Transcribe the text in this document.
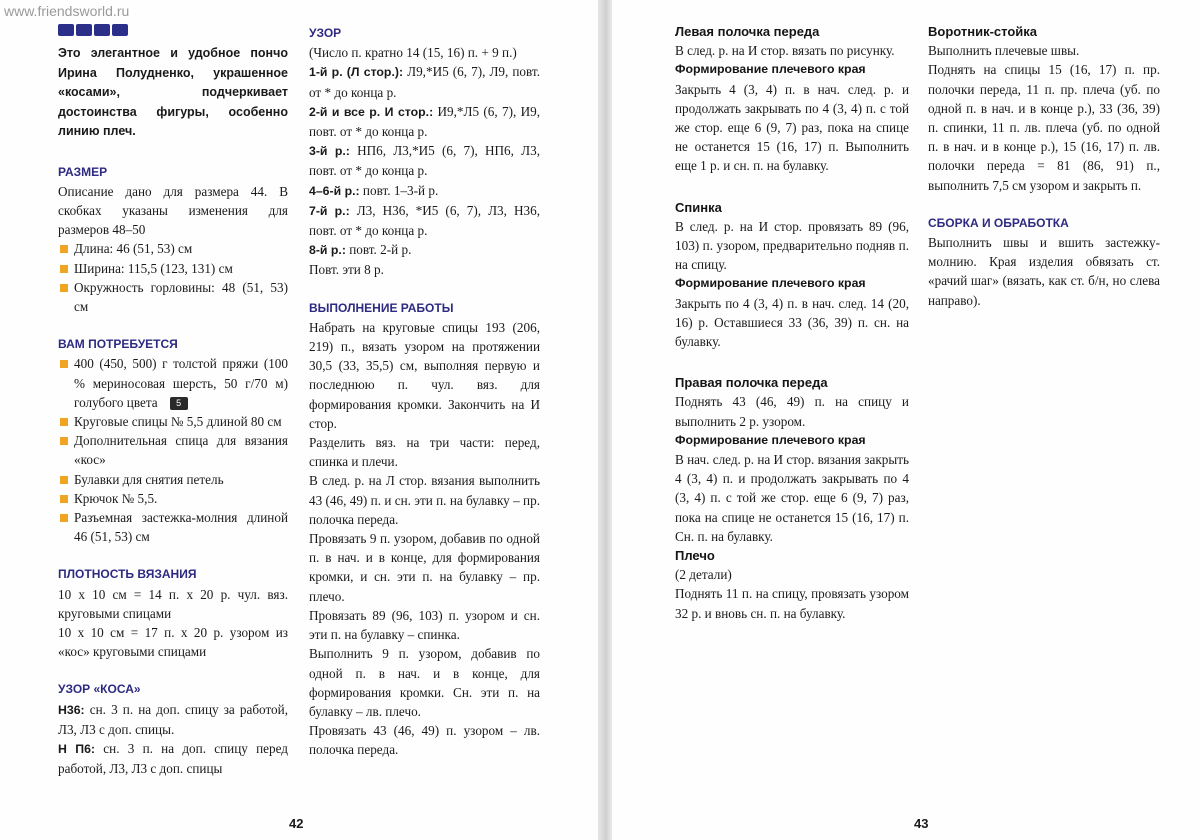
www.friendsworld.ru

Это элегантное и удобное пончо Ирина Полудненко, украшенное «косами», подчеркивает достоинства фигуры, особенно линию плеч.

РАЗМЕР

Описание дано для размера 44. В скобках указаны изменения для размеров 48–50

Длина: 46 (51, 53) см

Ширина: 115,5 (123, 131) см

Окружность горловины: 48 (51, 53) см

ВАМ ПОТРЕБУЕТСЯ

400 (450, 500) г толстой пряжи (100 % мериносовая шерсть, 50 г/70 м) голубого цвета 5

Круговые спицы № 5,5 длиной 80 см

Дополнительная спица для вязания «кос»

Булавки для снятия петель

Крючок № 5,5.

Разъемная застежка-молния длиной 46 (51, 53) см

ПЛОТНОСТЬ ВЯЗАНИЯ

10 x 10 см = 14 п. x 20 р. чул. вяз. круговыми спицами

10 x 10 см = 17 п. x 20 р. узором из «кос» круговыми спицами

УЗОР «КОСА»

Н36: сн. 3 п. на доп. спицу за работой, Л3, Л3 с доп. спицы.

Н П6: сн. 3 п. на доп. спицу перед работой, Л3, Л3 с доп. спицы

УЗОР

(Число п. кратно 14 (15, 16) п. + 9 п.)

1-й р. (Л стор.): Л9,*И5 (6, 7), Л9, повт. от * до конца р.

2-й и все р. И стор.: И9,*Л5 (6, 7), И9, повт. от * до конца р.

3-й р.: НП6, Л3,*И5 (6, 7), НП6, Л3, повт. от * до конца р.

4–6-й р.: повт. 1–3-й р.

7-й р.: Л3, Н36, *И5 (6, 7), Л3, Н36, повт. от * до конца р.

8-й р.: повт. 2-й р.

Повт. эти 8 р.

ВЫПОЛНЕНИЕ РАБОТЫ

Набрать на круговые спицы 193 (206, 219) п., вязать узором на протяжении 30,5 (33, 35,5) см, выполняя первую и последнюю п. чул. вяз. для формирования кромки. Закончить на И стор.

Разделить вяз. на три части: перед, спинка и плечи.

В след. р. на Л стор. вязания выполнить 43 (46, 49) п. и сн. эти п. на булавку – пр. полочка переда.

Провязать 9 п. узором, добавив по одной п. в нач. и в конце, для формирования кромки, и сн. эти п. на булавку – пр. плечо.

Провязать 89 (96, 103) п. узором и сн. эти п. на булавку – спинка.

Выполнить 9 п. узором, добавив по одной п. в нач. и в конце, для формирования кромки. Сн. эти п. на булавку – лв. плечо.

Провязать 43 (46, 49) п. узором – лв. полочка переда.

42

Левая полочка переда

В след. р. на И стор. вязать по рисунку.

Формирование плечевого края

Закрыть 4 (3, 4) п. в нач. след. р. и продолжать закрывать по 4 (3, 4) п. с той же стор. еще 6 (9, 7) раз, пока на спице не останется 15 (16, 17) п. Выполнить еще 1 р. и сн. п. на булавку.

Спинка

В след. р. на И стор. провязать 89 (96, 103) п. узором, предварительно подняв п. на спицу.

Формирование плечевого края

Закрыть по 4 (3, 4) п. в нач. след. 14 (20, 16) р. Оставшиеся 33 (36, 39) п. сн. на булавку.

Правая полочка переда

Поднять 43 (46, 49) п. на спицу и выполнить 2 р. узором.

Формирование плечевого края

В нач. след. р. на И стор. вязания закрыть 4 (3, 4) п. и продолжать закрывать по 4 (3, 4) п. с той же стор. еще 6 (9, 7) раз, пока на спице не останется 15 (16, 17) п. Сн. п. на булавку.

Плечо

(2 детали)

Поднять 11 п. на спицу, провязать узором 32 р. и вновь сн. п. на булавку.

Воротник-стойка

Выполнить плечевые швы.

Поднять на спицы 15 (16, 17) п. пр. полочки переда, 11 п. пр. плеча (уб. по одной п. в нач. и в конце р.), 33 (36, 39) п. спинки, 11 п. лв. плеча (уб. по одной п. в нач. и в конце р.), 15 (16, 17) п. лв. полочки переда = 81 (86, 91) п., выполнить 7,5 см узором и закрыть п.

СБОРКА И ОБРАБОТКА

Выполнить швы и вшить застежку-молнию. Края изделия обвязать ст. «рачий шаг» (вязать, как ст. б/н, но слева направо).

43
